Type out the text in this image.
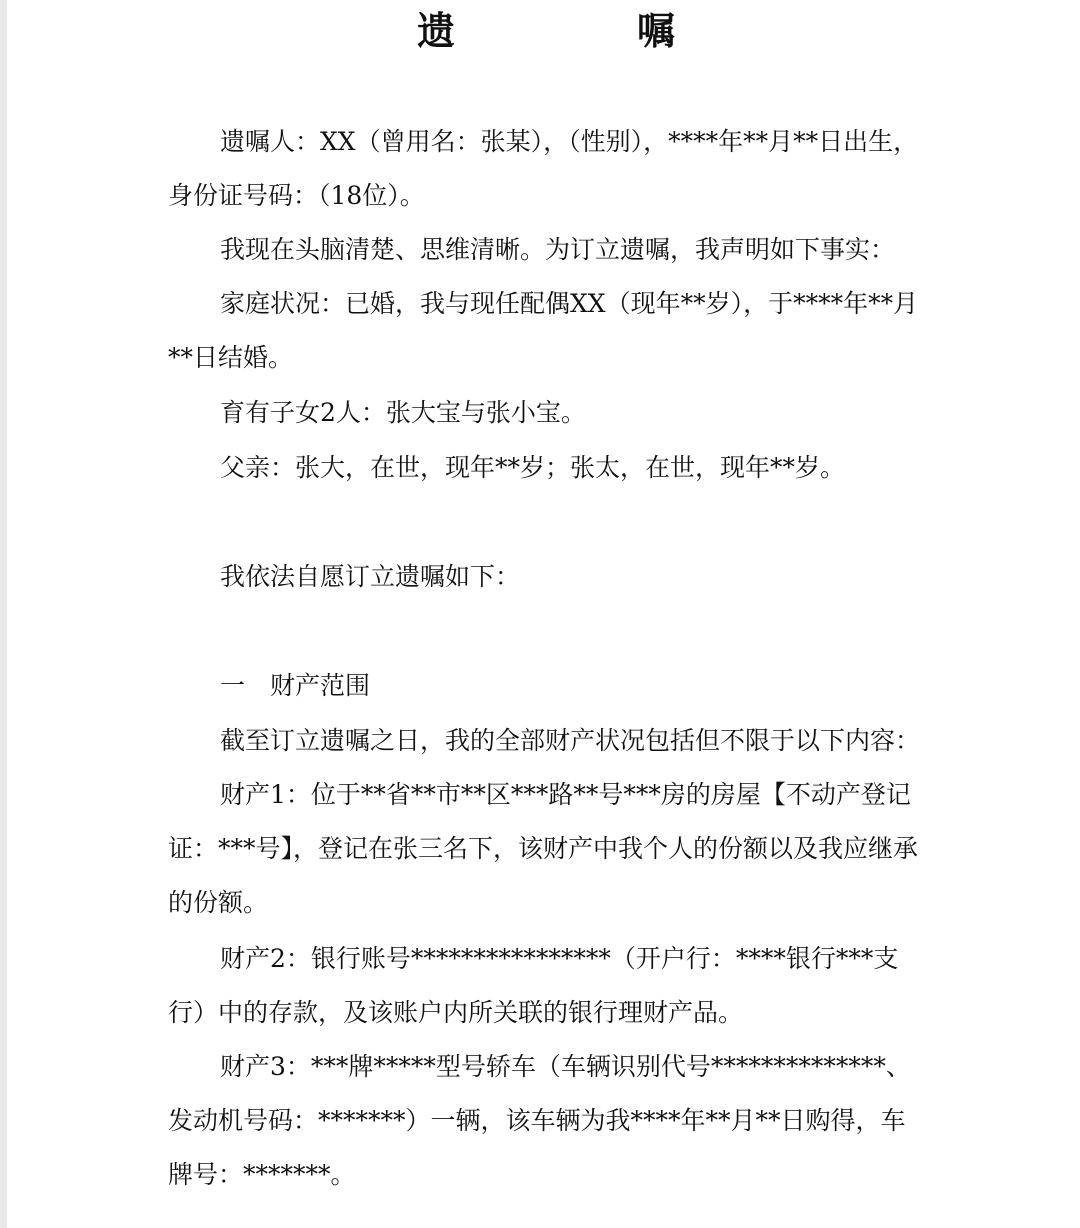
遗　嘱

遗嘱人：XX（曾用名：张某），（性别），****年**月**日出生，身份证号码：（18位）。

我现在头脑清楚、思维清晰。为订立遗嘱，我声明如下事实：

家庭状况：已婚，我与现任配偶XX（现年**岁），于****年**月**日结婚。

育有子女2人：张大宝与张小宝。

父亲：张大，在世，现年**岁；张太，在世，现年**岁。

我依法自愿订立遗嘱如下：

一　财产范围

截至订立遗嘱之日，我的全部财产状况包括但不限于以下内容：

财产1：位于**省**市**区***路**号***房的房屋【不动产登记证：***号】，登记在张三名下，该财产中我个人的份额以及我应继承的份额。

财产2：银行账号****************（开户行：****银行***支行）中的存款，及该账户内所关联的银行理财产品。

财产3：***牌*****型号轿车（车辆识别代号**************、发动机号码：*******）一辆，该车辆为我****年**月**日购得，车牌号：*******。
